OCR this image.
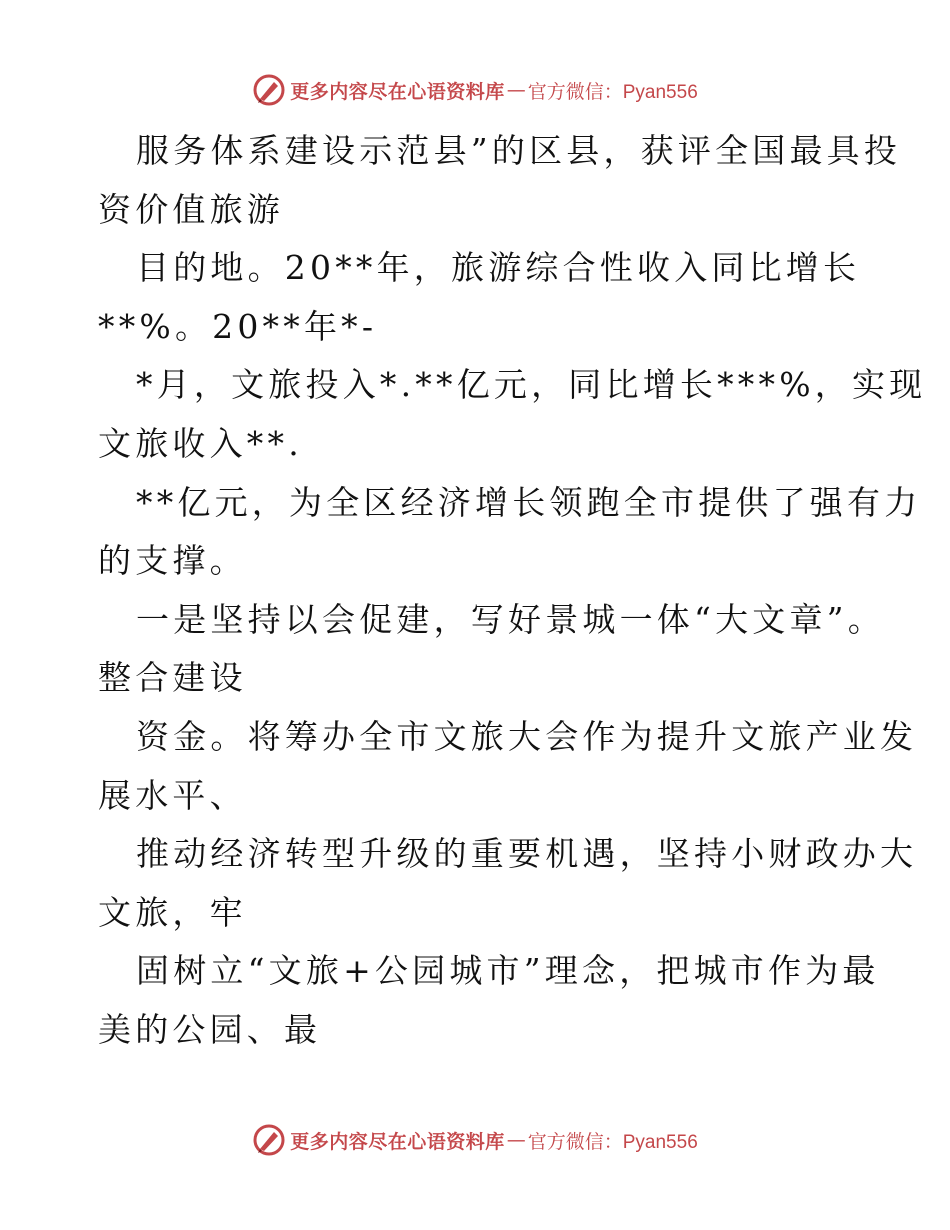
更多内容尽在心语资料库 — 官方微信：Pyan556
服务体系建设示范县”的区县，获评全国最具投
资价值旅游
目的地。20**年，旅游综合性收入同比增长
**%。20**年*-
*月，文旅投入*.**亿元，同比增长***%，实现
文旅收入**.
**亿元，为全区经济增长领跑全市提供了强有力
的支撑。
一是坚持以会促建，写好景城一体“大文章”。
整合建设
资金。将筹办全市文旅大会作为提升文旅产业发
展水平、
推动经济转型升级的重要机遇，坚持小财政办大
文旅，牢
固树立“文旅+公园城市”理念，把城市作为最
美的公园、最
更多内容尽在心语资料库 — 官方微信：Pyan556
